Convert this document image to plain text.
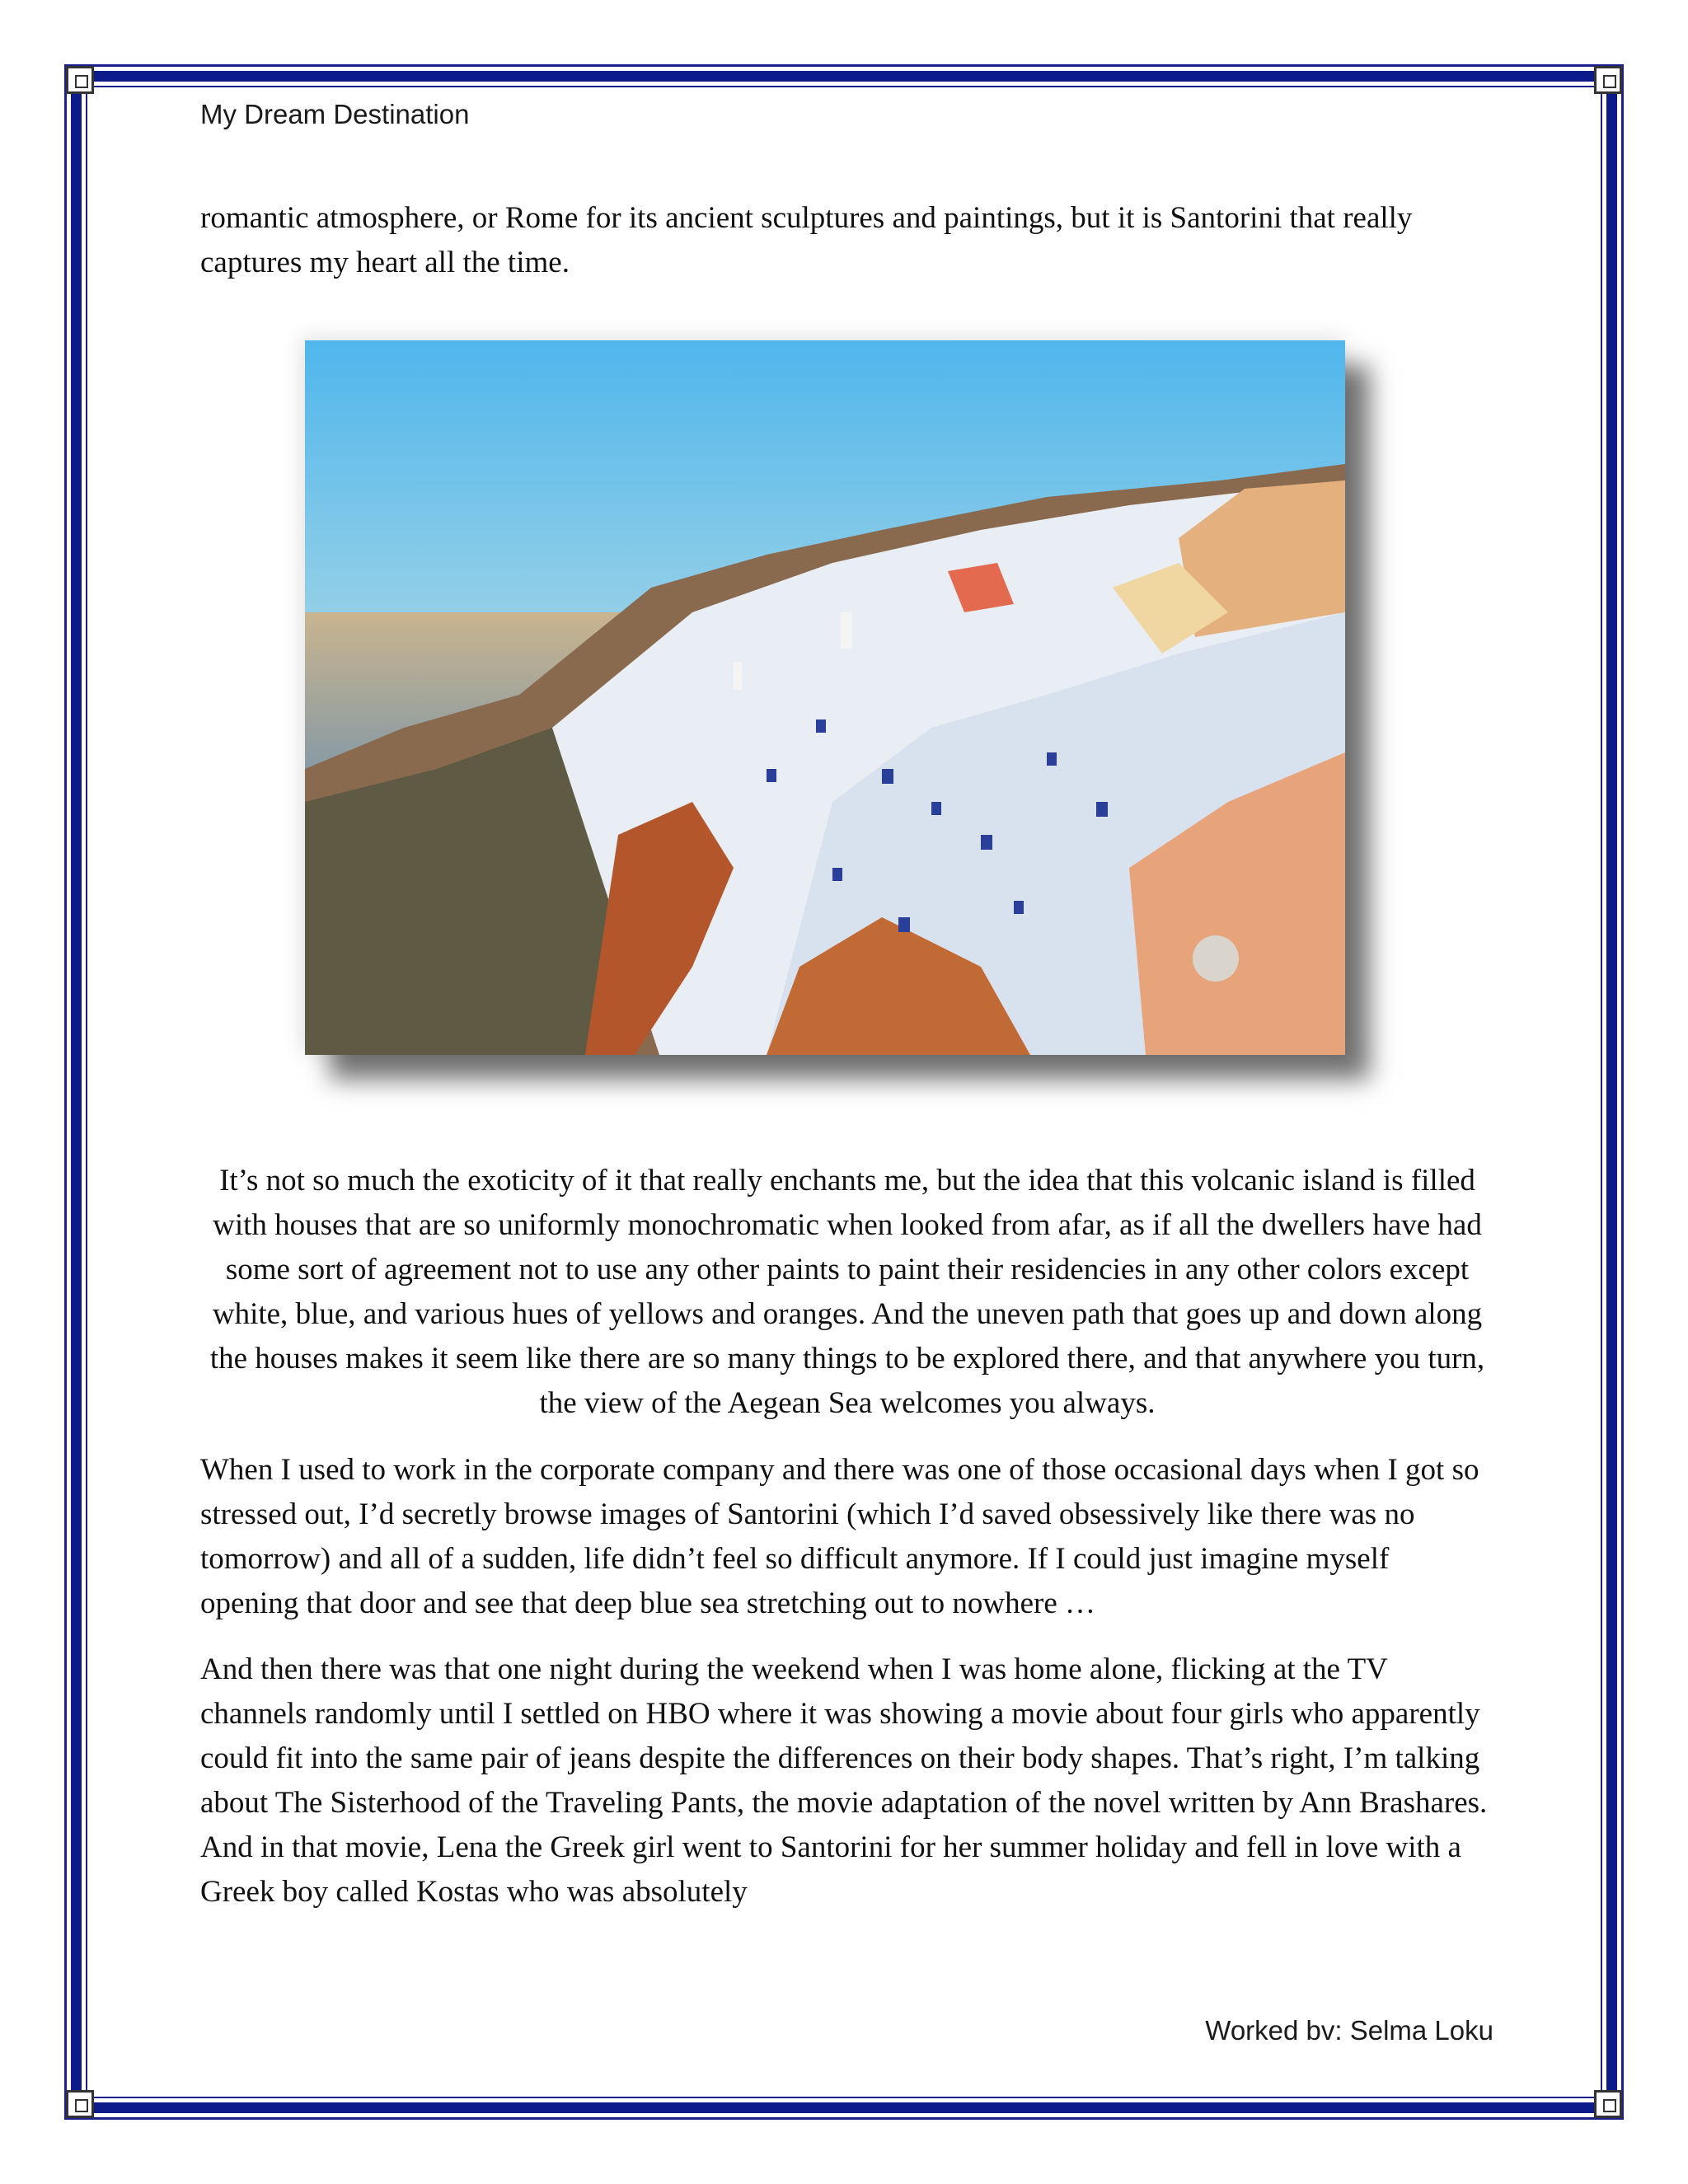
My Dream Destination

romantic atmosphere, or Rome for its ancient sculptures and paintings, but it is Santorini that really captures my heart all the time.

It’s not so much the exoticity of it that really enchants me, but the idea that this volcanic island is filled with houses that are so uniformly monochromatic when looked from afar, as if all the dwellers have had some sort of agreement not to use any other paints to paint their residencies in any other colors except white, blue, and various hues of yellows and oranges. And the uneven path that goes up and down along the houses makes it seem like there are so many things to be explored there, and that anywhere you turn, the view of the Aegean Sea welcomes you always.

When I used to work in the corporate company and there was one of those occasional days when I got so stressed out, I’d secretly browse images of Santorini (which I’d saved obsessively like there was no tomorrow) and all of a sudden, life didn’t feel so difficult anymore. If I could just imagine myself opening that door and see that deep blue sea stretching out to nowhere …

And then there was that one night during the weekend when I was home alone, flicking at the TV channels randomly until I settled on HBO where it was showing a movie about four girls who apparently could fit into the same pair of jeans despite the differences on their body shapes. That’s right, I’m talking about The Sisterhood of the Traveling Pants, the movie adaptation of the novel written by Ann Brashares. And in that movie, Lena the Greek girl went to Santorini for her summer holiday and fell in love with a Greek boy called Kostas who was absolutely

Worked bv: Selma Loku
